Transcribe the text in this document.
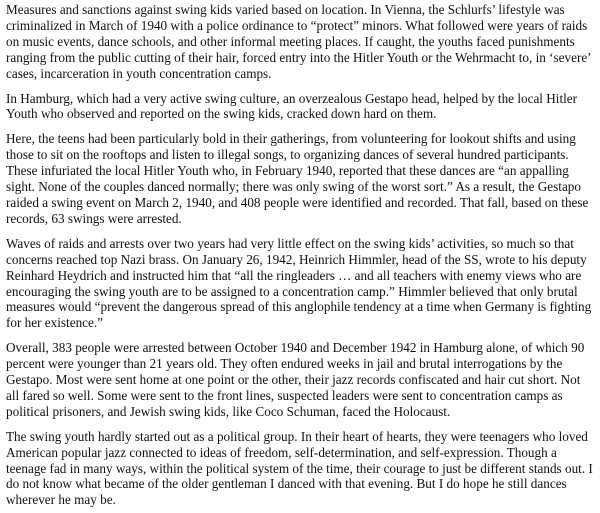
Measures and sanctions against swing kids varied based on location. In Vienna, the Schlurfs’ lifestyle was criminalized in March of 1940 with a police ordinance to “protect” minors. What followed were years of raids on music events, dance schools, and other informal meeting places. If caught, the youths faced punishments ranging from the public cutting of their hair, forced entry into the Hitler Youth or the Wehrmacht to, in ‘severe’ cases, incarceration in youth concentration camps.

In Hamburg, which had a very active swing culture, an overzealous Gestapo head, helped by the local Hitler Youth who observed and reported on the swing kids, cracked down hard on them.

Here, the teens had been particularly bold in their gatherings, from volunteering for lookout shifts and using those to sit on the rooftops and listen to illegal songs, to organizing dances of several hundred participants. These infuriated the local Hitler Youth who, in February 1940, reported that these dances are “an appalling sight. None of the couples danced normally; there was only swing of the worst sort.” As a result, the Gestapo raided a swing event on March 2, 1940, and 408 people were identified and recorded. That fall, based on these records, 63 swings were arrested.

Waves of raids and arrests over two years had very little effect on the swing kids’ activities, so much so that concerns reached top Nazi brass. On January 26, 1942, Heinrich Himmler, head of the SS, wrote to his deputy Reinhard Heydrich and instructed him that “all the ringleaders … and all teachers with enemy views who are encouraging the swing youth are to be assigned to a concentration camp.” Himmler believed that only brutal measures would “prevent the dangerous spread of this anglophile tendency at a time when Germany is fighting for her existence.”

Overall, 383 people were arrested between October 1940 and December 1942 in Hamburg alone, of which 90 percent were younger than 21 years old. They often endured weeks in jail and brutal interrogations by the Gestapo. Most were sent home at one point or the other, their jazz records confiscated and hair cut short. Not all fared so well. Some were sent to the front lines, suspected leaders were sent to concentration camps as political prisoners, and Jewish swing kids, like Coco Schuman, faced the Holocaust.

The swing youth hardly started out as a political group. In their heart of hearts, they were teenagers who loved American popular jazz connected to ideas of freedom, self-determination, and self-expression. Though a teenage fad in many ways, within the political system of the time, their courage to just be different stands out. I do not know what became of the older gentleman I danced with that evening. But I do hope he still dances wherever he may be.
